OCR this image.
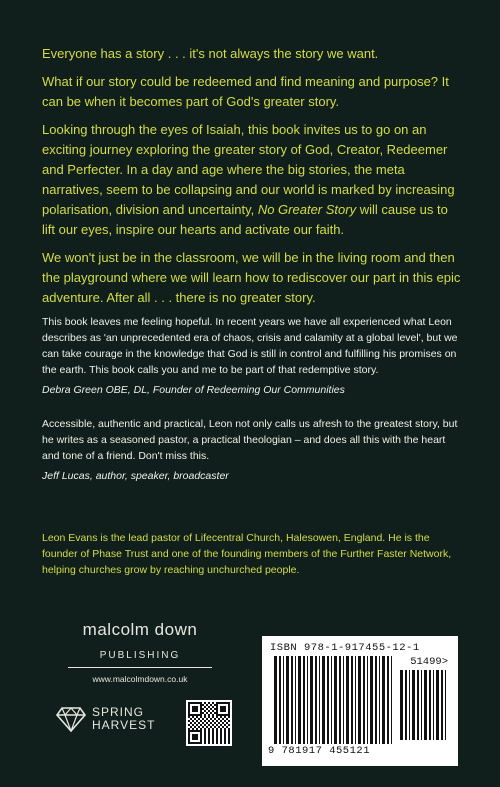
Everyone has a story . . . it's not always the story we want.

What if our story could be redeemed and find meaning and purpose? It can be when it becomes part of God's greater story.

Looking through the eyes of Isaiah, this book invites us to go on an exciting journey exploring the greater story of God, Creator, Redeemer and Perfecter. In a day and age where the big stories, the meta narratives, seem to be collapsing and our world is marked by increasing polarisation, division and uncertainty, No Greater Story will cause us to lift our eyes, inspire our hearts and activate our faith.

We won't just be in the classroom, we will be in the living room and then the playground where we will learn how to rediscover our part in this epic adventure. After all . . . there is no greater story.

This book leaves me feeling hopeful. In recent years we have all experienced what Leon describes as 'an unprecedented era of chaos, crisis and calamity at a global level', but we can take courage in the knowledge that God is still in control and fulfilling his promises on the earth. This book calls you and me to be part of that redemptive story.

Debra Green OBE, DL, Founder of Redeeming Our Communities

Accessible, authentic and practical, Leon not only calls us afresh to the greatest story, but he writes as a seasoned pastor, a practical theologian – and does all this with the heart and tone of a friend. Don't miss this.

Jeff Lucas, author, speaker, broadcaster

Leon Evans is the lead pastor of Lifecentral Church, Halesowen, England. He is the founder of Phase Trust and one of the founding members of the Further Faster Network, helping churches grow by reaching unchurched people.

malcolm down
PUBLISHING
www.malcolmdown.co.uk
SPRING
HARVEST
ISBN 978-1-917455-12-1
51499>
9 781917 455121
